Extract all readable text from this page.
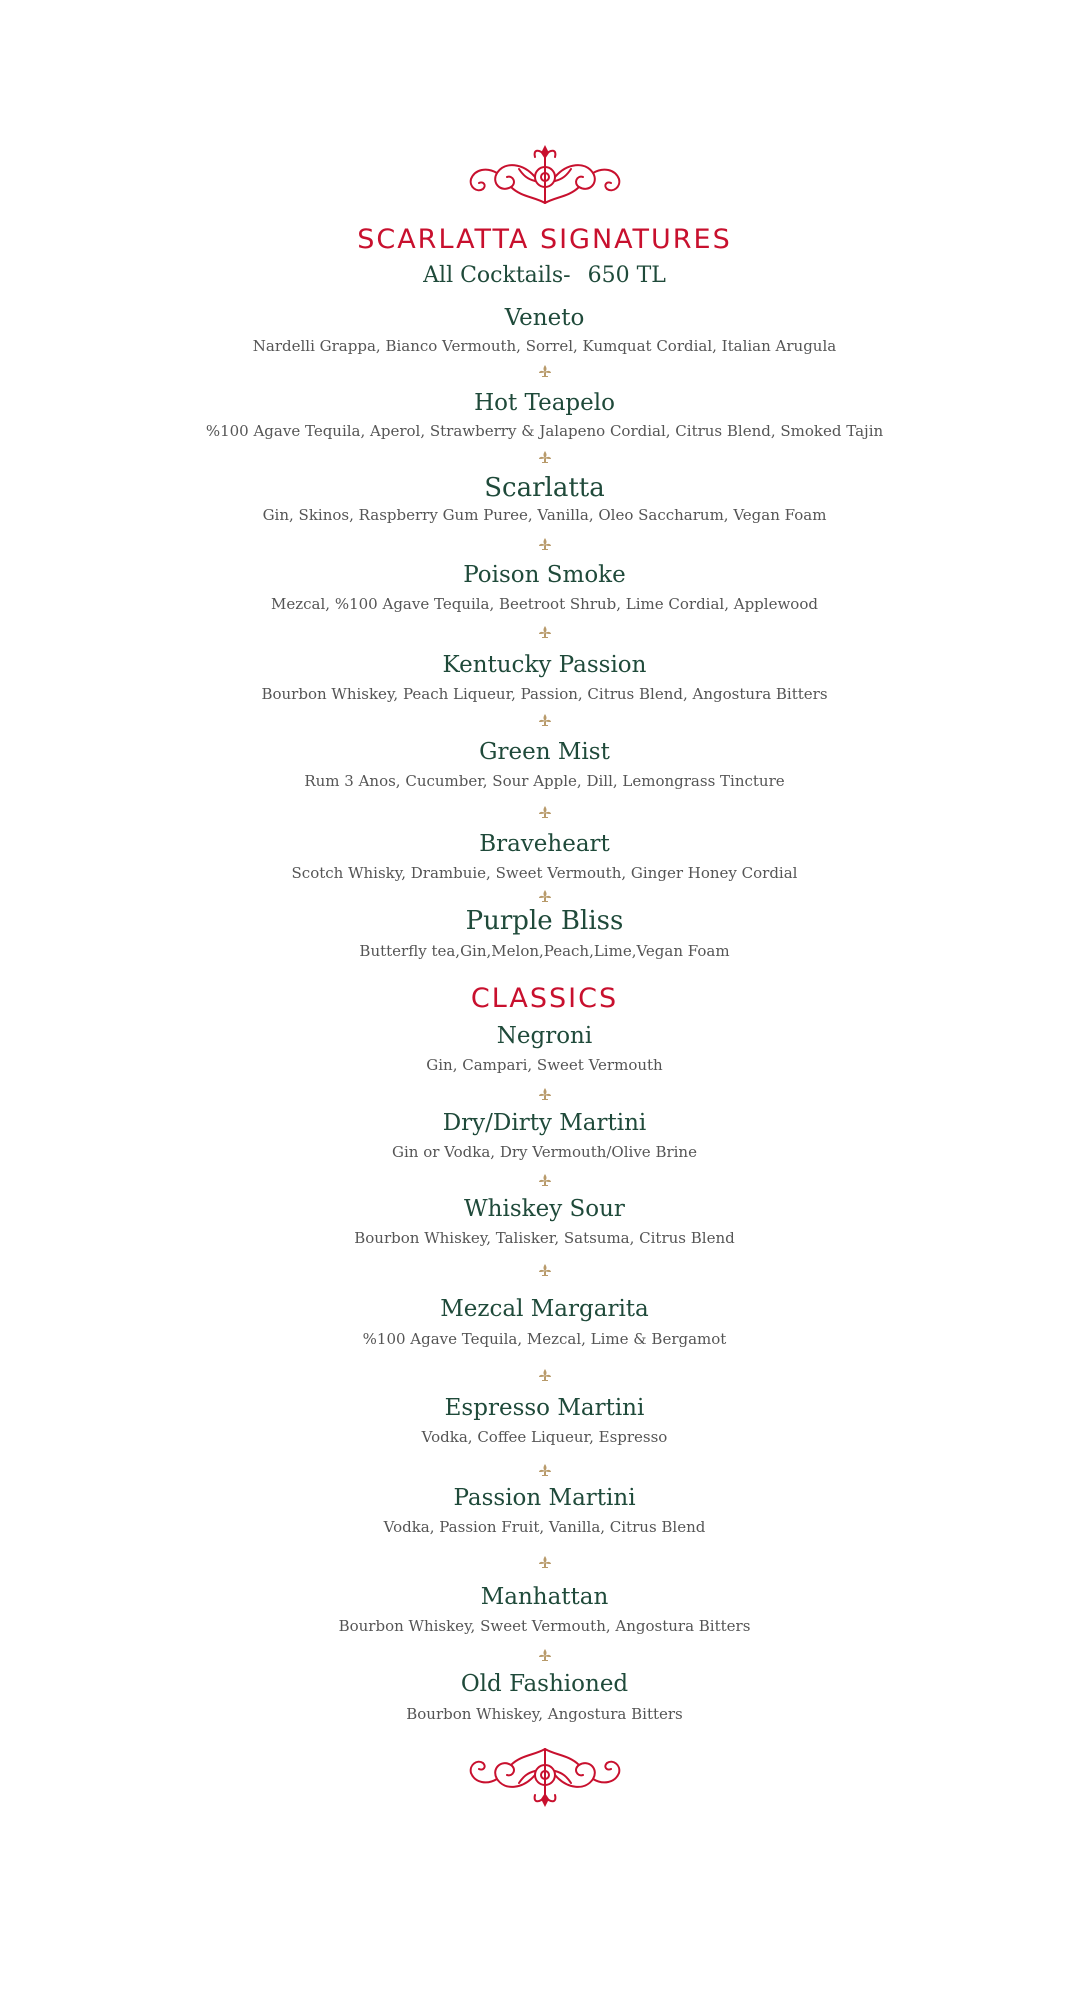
SCARLATTA SIGNATURES
All Cocktails- 650 TL
Veneto
Nardelli Grappa, Bianco Vermouth, Sorrel, Kumquat Cordial, Italian Arugula
Hot Teapelo
%100 Agave Tequila, Aperol, Strawberry & Jalapeno Cordial, Citrus Blend, Smoked Tajin
Scarlatta
Gin, Skinos, Raspberry Gum Puree, Vanilla, Oleo Saccharum, Vegan Foam
Poison Smoke
Mezcal, %100 Agave Tequila, Beetroot Shrub, Lime Cordial, Applewood
Kentucky Passion
Bourbon Whiskey, Peach Liqueur, Passion, Citrus Blend, Angostura Bitters
Green Mist
Rum 3 Anos, Cucumber, Sour Apple, Dill, Lemongrass Tincture
Braveheart
Scotch Whisky, Drambuie, Sweet Vermouth, Ginger Honey Cordial
Purple Bliss
Butterfly tea,Gin,Melon,Peach,Lime,Vegan Foam
CLASSICS
Negroni
Gin, Campari, Sweet Vermouth
Dry/Dirty Martini
Gin or Vodka, Dry Vermouth/Olive Brine
Whiskey Sour
Bourbon Whiskey, Talisker, Satsuma, Citrus Blend
Mezcal Margarita
%100 Agave Tequila, Mezcal, Lime & Bergamot
Espresso Martini
Vodka, Coffee Liqueur, Espresso
Passion Martini
Vodka, Passion Fruit, Vanilla, Citrus Blend
Manhattan
Bourbon Whiskey, Sweet Vermouth, Angostura Bitters
Old Fashioned
Bourbon Whiskey, Angostura Bitters
